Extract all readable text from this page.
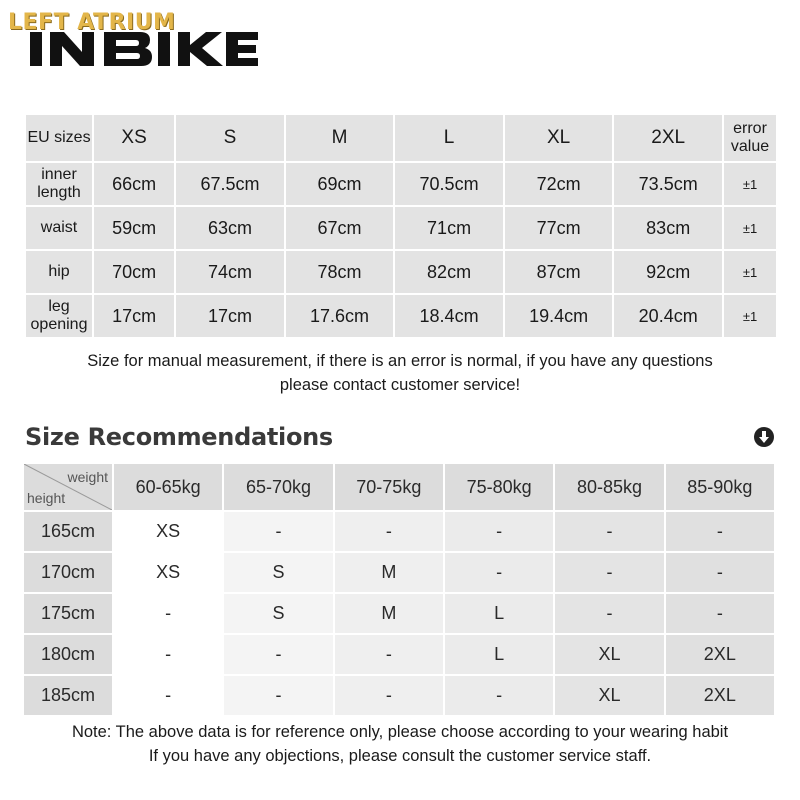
LEFT ATRIUM
EU sizes	XS	S	M	L	XL	2XL	error value
inner length	66cm	67.5cm	69cm	70.5cm	72cm	73.5cm	±1
waist	59cm	63cm	67cm	71cm	77cm	83cm	±1
hip	70cm	74cm	78cm	82cm	87cm	92cm	±1
leg opening	17cm	17cm	17.6cm	18.4cm	19.4cm	20.4cm	±1
Size for manual measurement, if there is an error is normal, if you have any questions
please contact customer service!
Size Recommendations
weight
height	60-65kg	65-70kg	70-75kg	75-80kg	80-85kg	85-90kg
165cm	XS	-	-	-	-	-
170cm	XS	S	M	-	-	-
175cm	-	S	M	L	-	-
180cm	-	-	-	L	XL	2XL
185cm	-	-	-	-	XL	2XL
Note: The above data is for reference only, please choose according to your wearing habit
If you have any objections, please consult the customer service staff.
